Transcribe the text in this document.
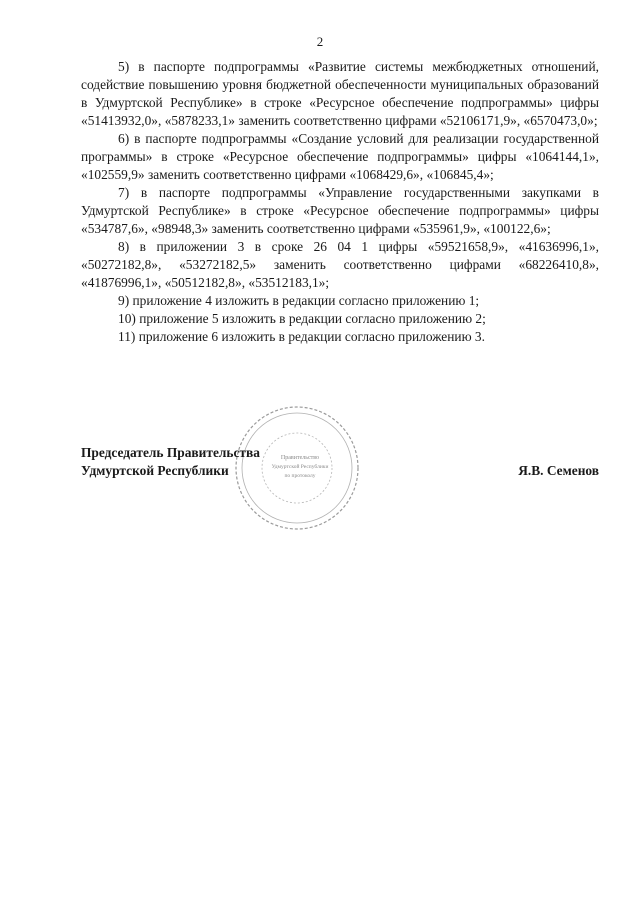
2

5) в паспорте подпрограммы «Развитие системы межбюджетных отношений, содействие повышению уровня бюджетной обеспеченности муниципальных образований в Удмуртской Республике» в строке «Ресурсное обеспечение подпрограммы» цифры «51413932,0», «5878233,1» заменить соответственно цифрами «52106171,9», «6570473,0»;

6) в паспорте подпрограммы «Создание условий для реализации государственной программы» в строке «Ресурсное обеспечение подпрограммы» цифры «1064144,1», «102559,9» заменить соответственно цифрами «1068429,6», «106845,4»;

7) в паспорте подпрограммы «Управление государственными закупками в Удмуртской Республике» в строке «Ресурсное обеспечение подпрограммы» цифры «534787,6», «98948,3» заменить соответственно цифрами «535961,9», «100122,6»;

8) в приложении 3 в сроке 26 04 1 цифры «59521658,9», «41636996,1», «50272182,8», «53272182,5» заменить соответственно цифрами «68226410,8», «41876996,1», «50512182,8», «53512183,1»;

9) приложение 4 изложить в редакции согласно приложению 1;

10) приложение 5 изложить в редакции согласно приложению 2;

11) приложение 6 изложить в редакции согласно приложению 3.

Правительство
Удмуртской Республики
по протоколу
Председатель Правительства
Удмуртской Республики	Я.В. Семенов
